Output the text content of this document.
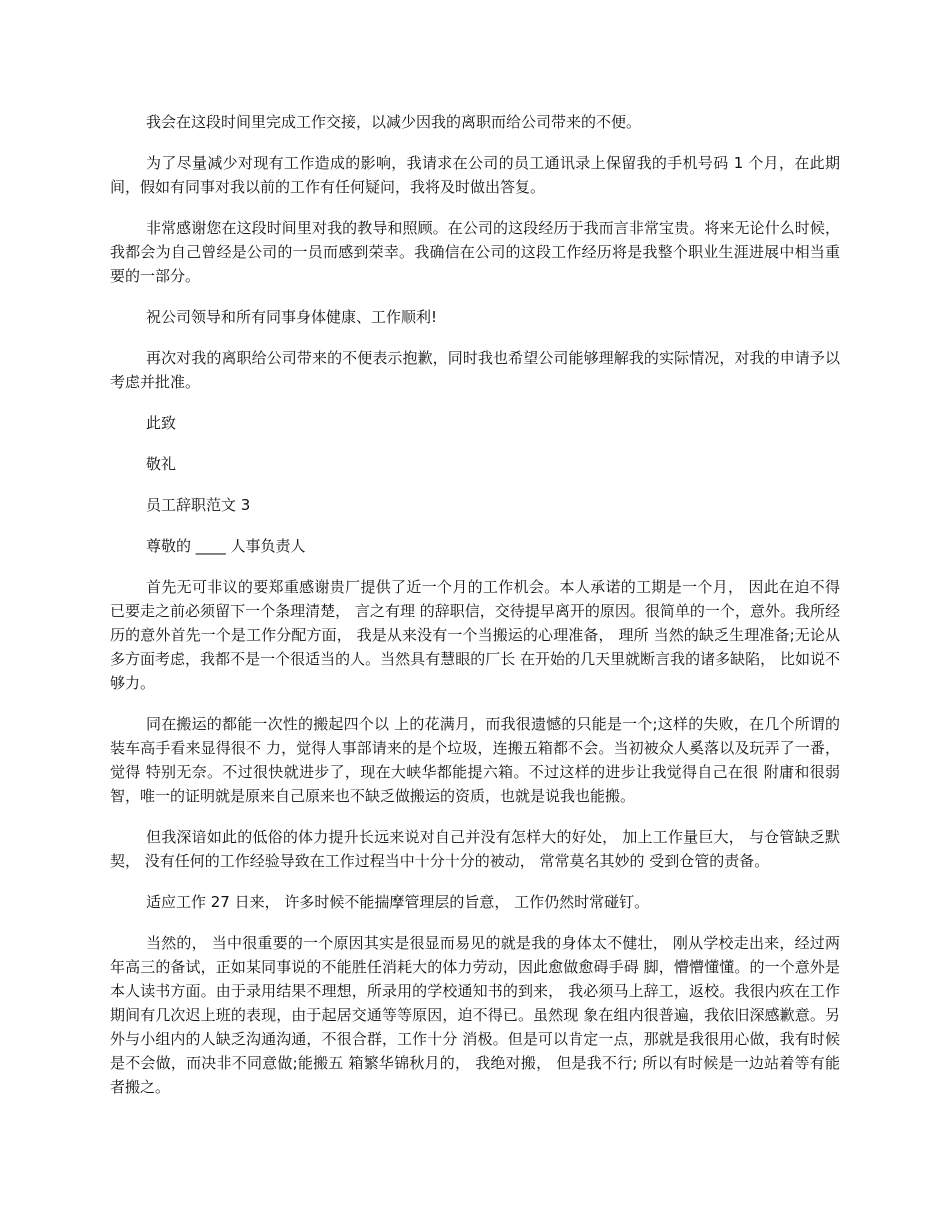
我会在这段时间里完成工作交接，以减少因我的离职而给公司带来的不便。

为了尽量减少对现有工作造成的影响，我请求在公司的员工通讯录上保留我的手机号码 1 个月，在此期间，假如有同事对我以前的工作有任何疑问，我将及时做出答复。

非常感谢您在这段时间里对我的教导和照顾。在公司的这段经历于我而言非常宝贵。将来无论什么时候，我都会为自己曾经是公司的一员而感到荣幸。我确信在公司的这段工作经历将是我整个职业生涯进展中相当重要的一部分。

祝公司领导和所有同事身体健康、工作顺利!

再次对我的离职给公司带来的不便表示抱歉，同时我也希望公司能够理解我的实际情况，对我的申请予以考虑并批准。

此致

敬礼

员工辞职范文 3

尊敬的 ____ 人事负责人

首先无可非议的要郑重感谢贵厂提供了近一个月的工作机会。本人承诺的工期是一个月， 因此在迫不得已要走之前必须留下一个条理清楚， 言之有理 的辞职信，交待提早离开的原因。很简单的一个，意外。我所经历的意外首先一个是工作分配方面， 我是从来没有一个当搬运的心理准备， 理所 当然的缺乏生理准备;无论从多方面考虑，我都不是一个很适当的人。当然具有慧眼的厂长 在开始的几天里就断言我的诸多缺陷， 比如说不够力。

同在搬运的都能一次性的搬起四个以 上的花满月，而我很遗憾的只能是一个;这样的失败，在几个所谓的装车高手看来显得很不 力，觉得人事部请来的是个垃圾，连搬五箱都不会。当初被众人奚落以及玩弄了一番，觉得 特别无奈。不过很快就进步了，现在大峡华都能提六箱。不过这样的进步让我觉得自己在很 附庸和很弱智，唯一的证明就是原来自己原来也不缺乏做搬运的资质，也就是说我也能搬。

但我深谙如此的低俗的体力提升长远来说对自己并没有怎样大的好处， 加上工作量巨大， 与仓管缺乏默契， 没有任何的工作经验导致在工作过程当中十分十分的被动， 常常莫名其妙的 受到仓管的责备。

适应工作 27 日来， 许多时候不能揣摩管理层的旨意， 工作仍然时常碰钉。

当然的， 当中很重要的一个原因其实是很显而易见的就是我的身体太不健壮， 刚从学校走出来，经过两年高三的备试，正如某同事说的不能胜任消耗大的体力劳动，因此愈做愈碍手碍 脚，懵懵懂懂。的一个意外是本人读书方面。由于录用结果不理想，所录用的学校通知书的到来， 我必须马上辞工，返校。我很内疚在工作期间有几次迟上班的表现，由于起居交通等等原因，迫不得已。虽然现 象在组内很普遍，我依旧深感歉意。另外与小组内的人缺乏沟通沟通，不很合群，工作十分 消极。但是可以肯定一点，那就是我很用心做，我有时候是不会做，而决非不同意做;能搬五 箱繁华锦秋月的， 我绝对搬， 但是我不行; 所以有时候是一边站着等有能者搬之。
